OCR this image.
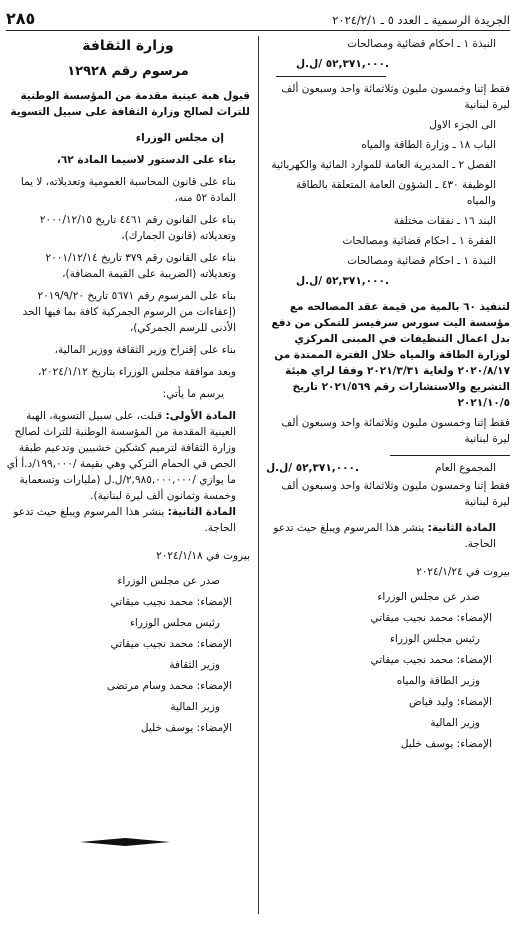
الجريدة الرسمية ـ العدد ٥ ـ ٢٠٢٤/٢/١
٢٨٥

النبذة ١ ـ احكام قضائية ومصالحات

٥٢,٣٧١,٠٠٠ /ل.ل.

فقط إثنا وخمسون مليون وثلاثمائة واحد وسبعون ألف ليرة لبنانية

الى الجزء الاول

الباب ١٨ ـ وزارة الطاقة والمياه

الفصل ٢ ـ المديرية العامة للموارد المائية والكهربائية

الوظيفة ٤٣٠ ـ الشؤون العامة المتعلقة بالطاقة والمياه

البند ١٦ ـ نفقات مختلفة

الفقرة ١ ـ احكام قضائية ومصالحات

النبذة ١ ـ احكام قضائية ومصالحات

٥٢,٣٧١,٠٠٠ /ل.ل.

لتنفيذ ٦٠ بالمية من قيمة عقد المصالحه مع مؤسسة اليت سورس سرفيسز للتمكن من دفع بدل اعمال التنظيفات في المبنى المركزي لوزارة الطاقة والمياه خلال الفترة الممتدة من ٢٠٢٠/٨/١٧ ولغاية ٢٠٢١/٣/٣١ وفقا لراي هيئة التشريع والاستشارات رقم ٢٠٢١/٥٦٩ تاريخ ٢٠٢١/١٠/٥

فقط إثنا وخمسون مليون وثلاثمائة واحد وسبعون ألف ليرة لبنانية

المجموع العام
٥٢,٣٧١,٠٠٠ /ل.ل.

فقط إثنا وخمسون مليون وثلاثمائة واحد وسبعون ألف ليرة لبنانية

المادة الثانية: ينشر هذا المرسوم ويبلغ حيث تدعو الحاجة.

بيروت في ٢٠٢٤/١/٢٤

صدر عن مجلس الوزراء

الإمضاء: محمد نجيب ميقاتي

رئيس مجلس الوزراء

الإمضاء: محمد نجيب ميقاتي

وزير الطاقة والمياه

الإمضاء: وليد فياض

وزير المالية

الإمضاء: يوسف خليل

وزارة الثقافة

مرسوم رقم ١٢٩٢٨

قبول هبة عينية مقدمة من المؤسسة الوطنية للتراث لصالح وزارة الثقافة على سبيل التسوية

إن مجلس الوزراء

بناء على الدستور لاسيما المادة ٦٢،

بناء على قانون المحاسبة العمومية وتعديلاته، لا يما المادة ٥٢ منه،

بناء على القانون رقم ٤٤٦١ تاريخ ٢٠٠٠/١٢/١٥ وتعديلاته (قانون الجمارك)،

بناء على القانون رقم ٣٧٩ تاريخ ٢٠٠١/١٢/١٤ وتعديلاته (الضريبة على القيمة المضافة)،

بناء على المرسوم رقم ٥٦٧١ تاريخ ٢٠١٩/٩/٢٠ (إعفاءات من الرسوم الجمركية كافة بما فيها الحد الأدنى للرسم الجمركي)،

بناء على إقتراح وزير الثقافة ووزير المالية،

وبعد موافقة مجلس الوزراء بتاريخ ٢٠٢٤/١/١٢،

يرسم ما يأتي:

المادة الأولى: قبلت، على سبيل التسوية، الهبة العينية المقدمة من المؤسسة الوطنية للتراث لصالح وزارة الثقافة لترميم كشكين خشبيين وتدعيم طبقة الجص في الحمام التركي وهي بقيمة /١٩٩,٠٠٠/د.أ أي ما يوازي /٢,٩٨٥,٠٠٠,٠٠٠/ل.ل (مليارات وتسعماية وخمسة وثمانون ألف ليرة لبنانية).

المادة الثانية: ينشر هذا المرسوم ويبلغ حيث تدعو الحاجة.

بيروت في ٢٠٢٤/١/١٨

صدر عن مجلس الوزراء

الإمضاء: محمد نجيب ميقاتي

رئيس مجلس الوزراء

الإمضاء: محمد نجيب ميقاتي

وزير الثقافة

الإمضاء: محمد وسام مرتضى

وزير المالية

الإمضاء: يوسف خليل
